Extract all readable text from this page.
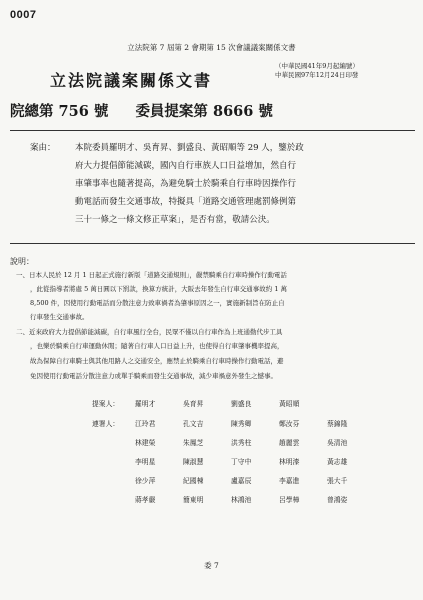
0007
立法院第 7 屆第 2 會期第 15 次會議議案關係文書
立法院議案關係文書
（中華民國41年9月起編號）
中華民國97年12月24日印發
院總第 756 號 委員提案第 8666 號
案由：	本院委員羅明才、吳育昇、劉盛良、黃昭順等 29 人，鑒於政
府大力提倡節能減碳，國內自行車族人口日益增加，然自行
車肇事率也隨著提高，為避免騎士於騎乘自行車時因操作行
動電話而發生交通事故，特擬具「道路交通管理處罰條例第
三十一條之一條文修正草案」，是否有當，敬請公決。
說明：
一、日本人民於 12 月 1 日起正式施行新版「道路交通規則」，嚴禁騎乘自行車時操作行動電話
，此從指導者將處 5 萬日圓以下罰款，換算方統計，大阪去年發生自行車交通事故約 1 萬
8,500 件，因使用行動電話而分散注意力致車禍者為肇事原因之一，實施新制旨在防止自
行車發生交通事故。
二、近來政府大力提倡節能減碳，自行車風行全台，民眾不僅以自行車作為上班通勤代步工具
，也樂於騎乘自行車運動休閒；隨著自行車人口日益上升，也使得自行車肇事機率提高，
故為保障自行車騎士與其他用路人之交通安全，應禁止於騎乘自行車時操作行動電話，避
免因使用行動電話分散注意力或單手騎乘而發生交通事故，減少車禍意外發生之憾事。
提案人： 羅明才	吳育昇	劉盛良	黃昭順
連署人： 江玲君	孔文吉	陳秀卿	鄭汝芬	蔡錦隆
林建榮	朱鳳芝	洪秀柱	趙麗雲	吳清池
李明星	陳淑慧	丁守中	林明溱	黃志雄
徐少萍	紀國棟	盧嘉辰	李嘉進	張大千
蔣孝嚴	簡東明	林鴻池	呂學樟	曾鴻姿
委 7
